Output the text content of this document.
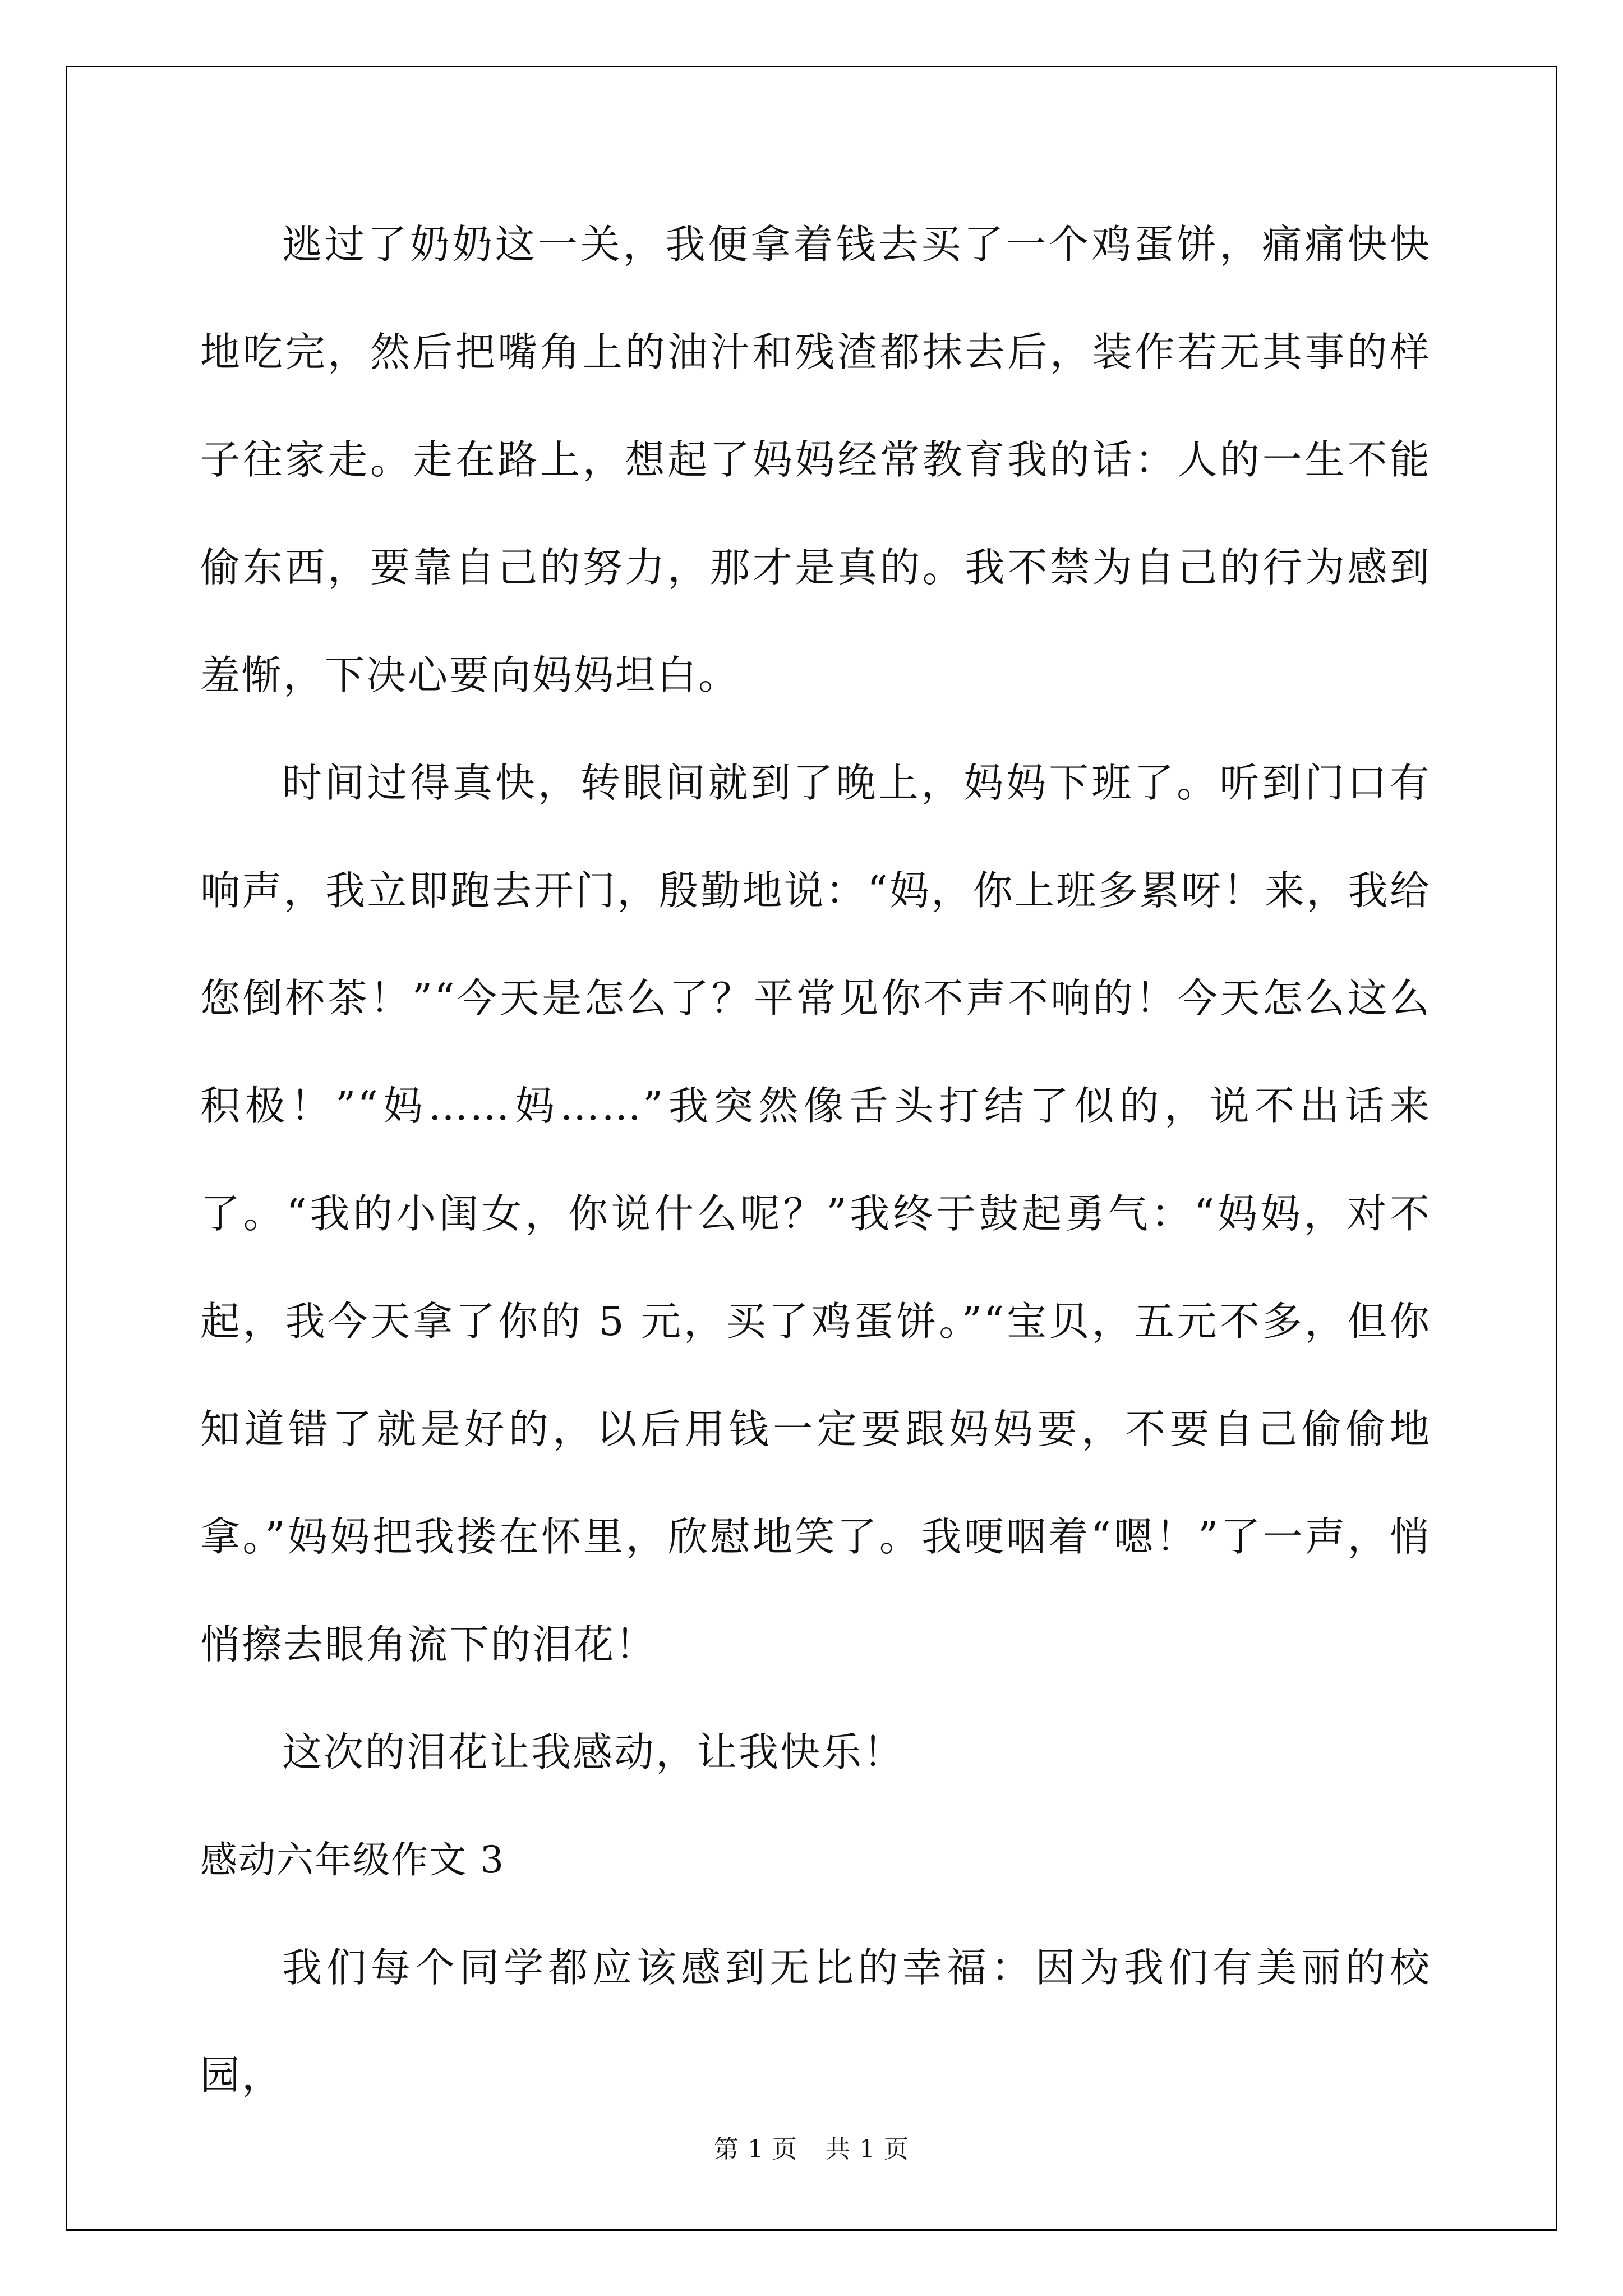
逃过了奶奶这一关，我便拿着钱去买了一个鸡蛋饼，痛痛快快地吃完，然后把嘴角上的油汁和残渣都抹去后，装作若无其事的样子往家走。走在路上，想起了妈妈经常教育我的话：人的一生不能偷东西，要靠自己的努力，那才是真的。我不禁为自己的行为感到羞惭，下决心要向妈妈坦白。

时间过得真快，转眼间就到了晚上，妈妈下班了。听到门口有响声，我立即跑去开门，殷勤地说：“妈，你上班多累呀！来，我给您倒杯茶！”“今天是怎么了？平常见你不声不响的！今天怎么这么积极！”“妈……妈……”我突然像舌头打结了似的，说不出话来了。“我的小闺女，你说什么呢？”我终于鼓起勇气：“妈妈，对不起，我今天拿了你的 5 元，买了鸡蛋饼。”“宝贝，五元不多，但你知道错了就是好的，以后用钱一定要跟妈妈要，不要自己偷偷地拿。”妈妈把我搂在怀里，欣慰地笑了。我哽咽着“嗯！”了一声，悄悄擦去眼角流下的泪花！

这次的泪花让我感动，让我快乐！

感动六年级作文 3

我们每个同学都应该感到无比的幸福：因为我们有美丽的校园，

第 1 页 共 1 页
